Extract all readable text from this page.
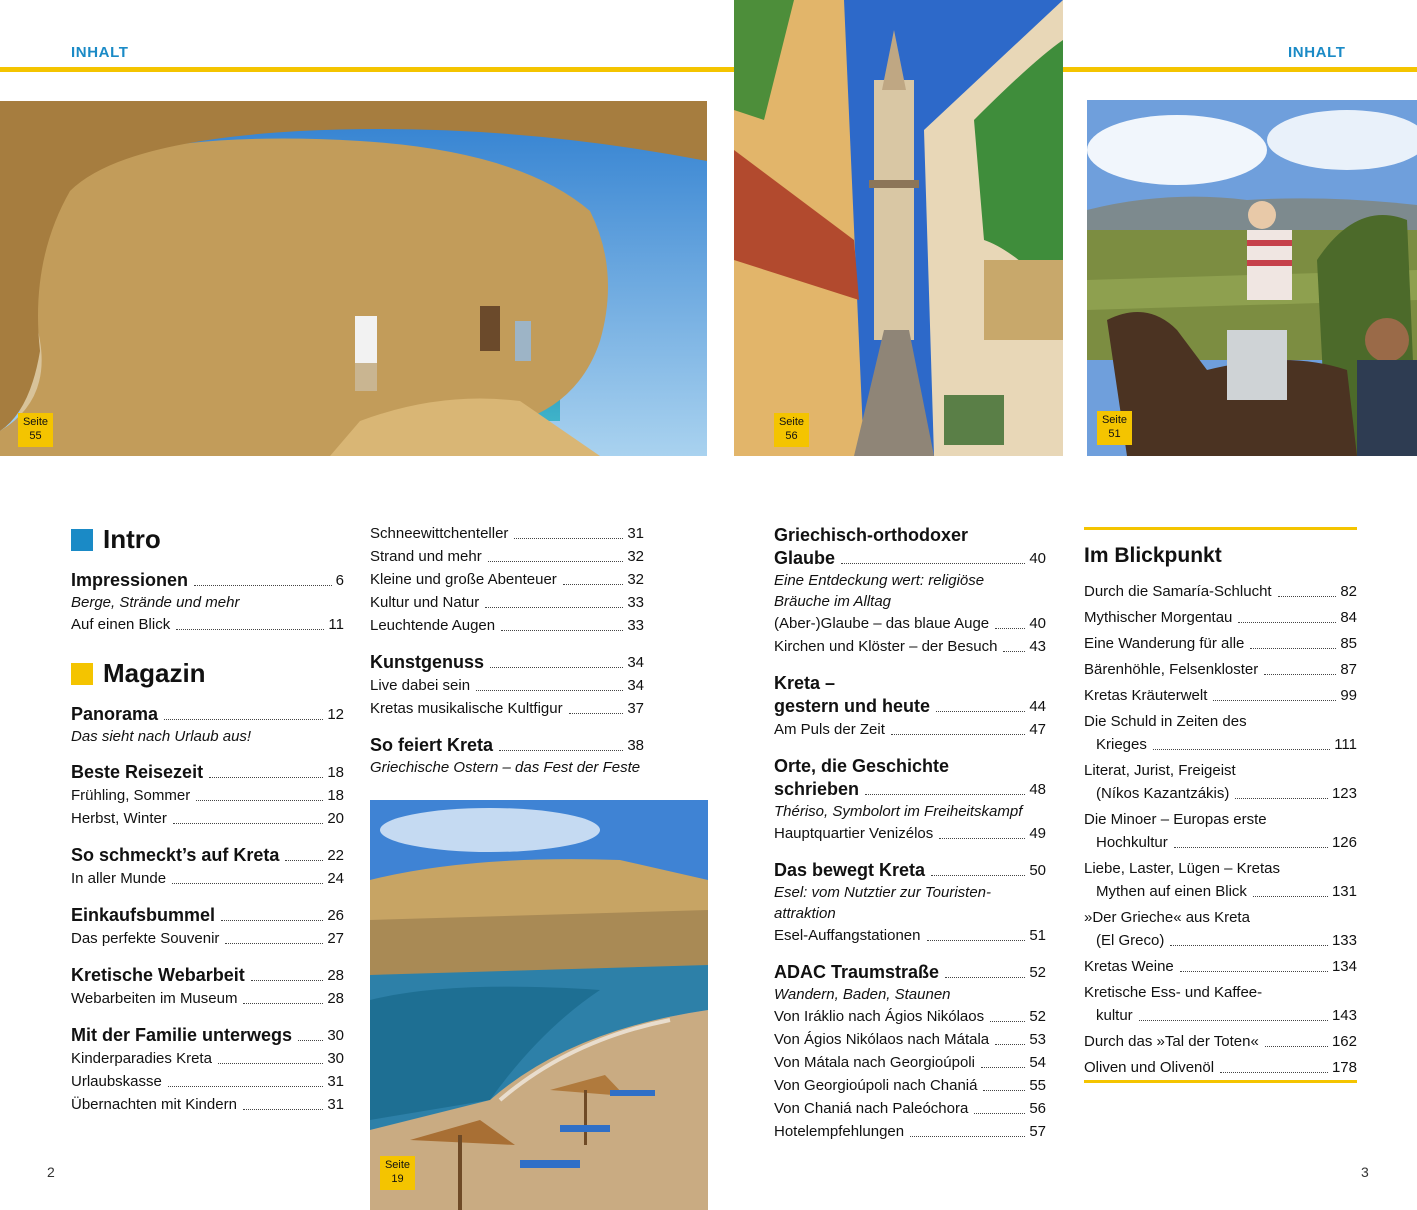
INHALT	INHALT
Seite
55
Seite
56
Seite
51
Seite
19
Intro
Impressionen	6
Berge, Strände und mehr
Auf einen Blick	11
Magazin
Panorama	12
Das sieht nach Urlaub aus!
Beste Reisezeit	18
Frühling, Sommer	18
Herbst, Winter	20
So schmeckt’s auf Kreta	22
In aller Munde	24
Einkaufsbummel	26
Das perfekte Souvenir	27
Kretische Webarbeit	28
Webarbeiten im Museum	28
Mit der Familie unterwegs 30
Kinderparadies Kreta	30
Urlaubskasse	31
Übernachten mit Kindern	31
Schneewittchenteller	31
Strand und mehr	32
Kleine und große Abenteuer	32
Kultur und Natur	33
Leuchtende Augen	33
Kunstgenuss	34
Live dabei sein	34
Kretas musikalische Kultfigur	37
So feiert Kreta	38
Griechische Ostern – das Fest der Feste
Griechisch-orthodoxer
Glaube	40
Eine Entdeckung wert: religiöse
Bräuche im Alltag
(Aber-)Glaube – das blaue Auge	40
Kirchen und Klöster – der Besuch 43
Kreta –
gestern und heute	44
Am Puls der Zeit	47
Orte, die Geschichte
schrieben	48
Thériso, Symbolort im Freiheitskampf
Hauptquartier Venizélos	49
Das bewegt Kreta	50
Esel: vom Nutztier zur Touristen-
attraktion
Esel-Auffangstationen	51
ADAC Traumstraße	52
Wandern, Baden, Staunen
Von Iráklio nach Ágios Nikólaos	52
Von Ágios Nikólaos nach Mátala	53
Von Mátala nach Georgioúpoli	54
Von Georgioúpoli nach Chaniá	55
Von Chaniá nach Paleóchora	56
Hotelempfehlungen	57
Im Blickpunkt
Durch die Samaría-Schlucht	82
Mythischer Morgentau	84
Eine Wanderung für alle	85
Bärenhöhle, Felsenkloster	87
Kretas Kräuterwelt	99
Die Schuld in Zeiten des
Krieges	111
Literat, Jurist, Freigeist
(Níkos Kazantzákis)	123
Die Minoer – Europas erste
Hochkultur	126
Liebe, Laster, Lügen – Kretas
Mythen auf einen Blick	131
»Der Grieche« aus Kreta
(El Greco)	133
Kretas Weine	134
Kretische Ess- und Kaffee-
kultur	143
Durch das »Tal der Toten«	162
Oliven und Olivenöl	178
2	3
